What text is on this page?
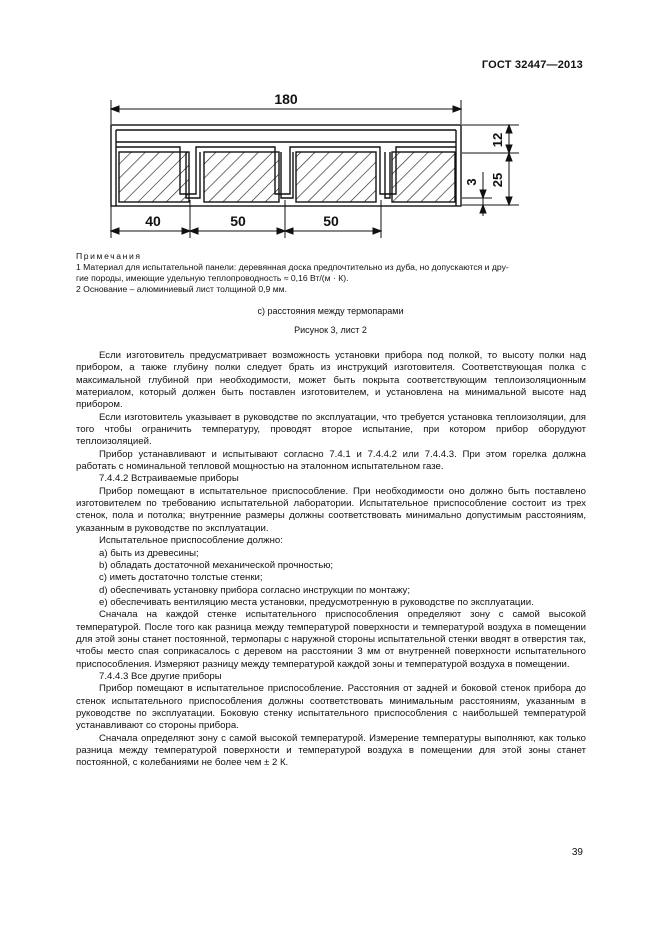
ГОСТ 32447—2013
180
12
25
3
40	50	50

Примечания

1 Материал для испытательной панели: деревянная доска предпочтительно из дуба, но допускаются и дру-

гие породы, имеющие удельную теплопроводность ≈ 0,16 Вт/(м · К).

2 Основание – алюминиевый лист толщиной 0,9 мм.

с) расстояния между термопарами
Рисунок 3, лист 2

Если изготовитель предусматривает возможность установки прибора под полкой, то высоту полки над прибором, а также глубину полки следует брать из инструкций изготовителя. Соответствующая полка с максимальной глубиной при необходимости, может быть покрыта соответствующим теплоизоляционным материалом, который должен быть поставлен изготовителем, и установлена на минимальной высоте над прибором.

Если изготовитель указывает в руководстве по эксплуатации, что требуется установка теплоизоляции, для того чтобы ограничить температуру, проводят второе испытание, при котором прибор оборудуют теплоизоляцией.

Прибор устанавливают и испытывают согласно 7.4.1 и 7.4.4.2 или 7.4.4.3. При этом горелка должна работать с номинальной тепловой мощностью на эталонном испытательном газе.

7.4.4.2 Встраиваемые приборы

Прибор помещают в испытательное приспособление. При необходимости оно должно быть поставлено изготовителем по требованию испытательной лаборатории. Испытательное приспособление состоит из трех стенок, пола и потолка; внутренние размеры должны соответствовать минимально допустимым расстояниям, указанным в руководстве по эксплуатации.

Испытательное приспособление должно:

а) быть из древесины;

b) обладать достаточной механической прочностью;

с) иметь достаточно толстые стенки;

d) обеспечивать установку прибора согласно инструкции по монтажу;

е) обеспечивать вентиляцию места установки, предусмотренную в руководстве по эксплуатации.

Сначала на каждой стенке испытательного приспособления определяют зону с самой высокой температурой. После того как разница между температурой поверхности и температурой воздуха в помещении для этой зоны станет постоянной, термопары с наружной стороны испытательной стенки вводят в отверстия так, чтобы место спая соприкасалось с деревом на расстоянии 3 мм от внутренней поверхности испытательного приспособления. Измеряют разницу между температурой каждой зоны и температурой воздуха в помещении.

7.4.4.3 Все другие приборы

Прибор помещают в испытательное приспособление. Расстояния от задней и боковой стенок прибора до стенок испытательного приспособления должны соответствовать минимальным расстояниям, указанным в руководстве по эксплуатации. Боковую стенку испытательного приспособления с наибольшей температурой устанавливают со стороны прибора.

Сначала определяют зону с самой высокой температурой. Измерение температуры выполняют, как только разница между температурой поверхности и температурой воздуха в помещении для этой зоны станет постоянной, с колебаниями не более чем ± 2 К.

39
